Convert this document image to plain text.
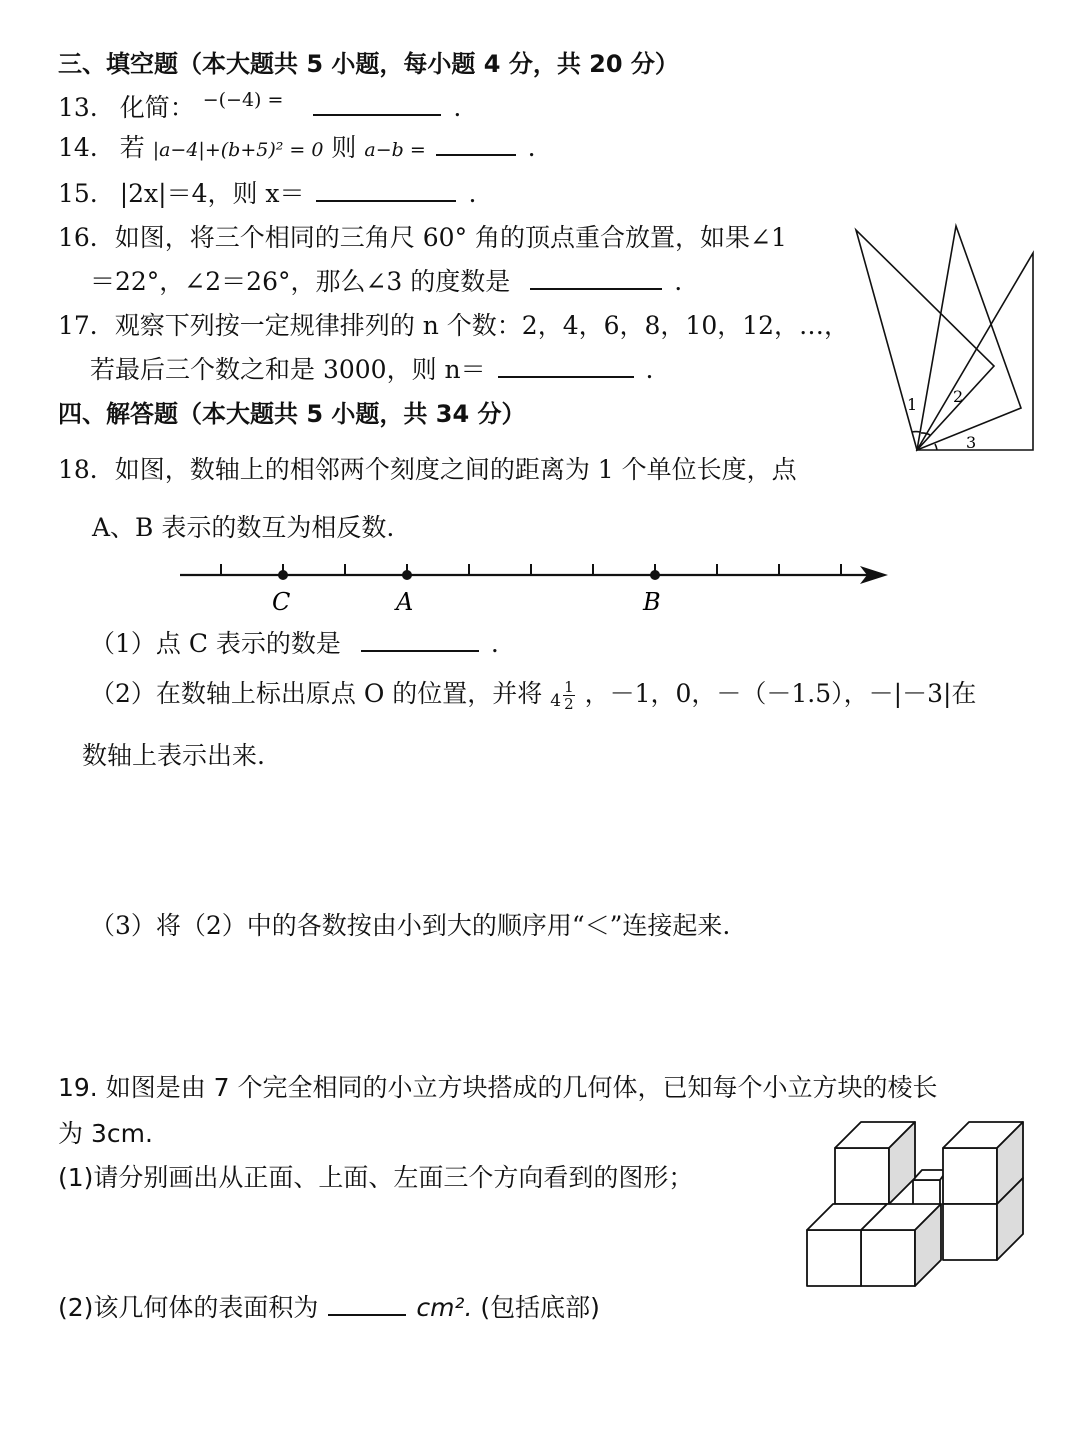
三、填空题（本大题共 5 小题，每小题 4 分，共 20 分）
13. 化简： $^{-(-4) =}$	.
14. 若 |a−4|+(b+5)² = 0 则 a−b =	.
15. |2x|＝4，则 x＝	.
16．如图，将三个相同的三角尺 60° 角的顶点重合放置，如果∠1
＝22°，∠2＝26°，那么∠3 的度数是	.
17．观察下列按一定规律排列的 n 个数：2，4，6，8，10，12，…，
若最后三个数之和是 3000，则 n＝	.
1 2
3
四、解答题（本大题共 5 小题，共 34 分）
18．如图，数轴上的相邻两个刻度之间的距离为 1 个单位长度，点
A、B 表示的数互为相反数.
C	A	B
（1）点 C 表示的数是	.
（2）在数轴上标出原点 O 的位置，并将 $4 \frac{1}{2}$ ，－1，0，－（－1.5），－|－3|在
数轴上表示出来.
（3）将（2）中的各数按由小到大的顺序用“＜”连接起来.
19. 如图是由 7 个完全相同的小立方块搭成的几何体，已知每个小立方块的棱长
为 3cm.
(1)请分别画出从正面、上面、左面三个方向看到的图形；
(2)该几何体的表面积为	cm². (包括底部)
